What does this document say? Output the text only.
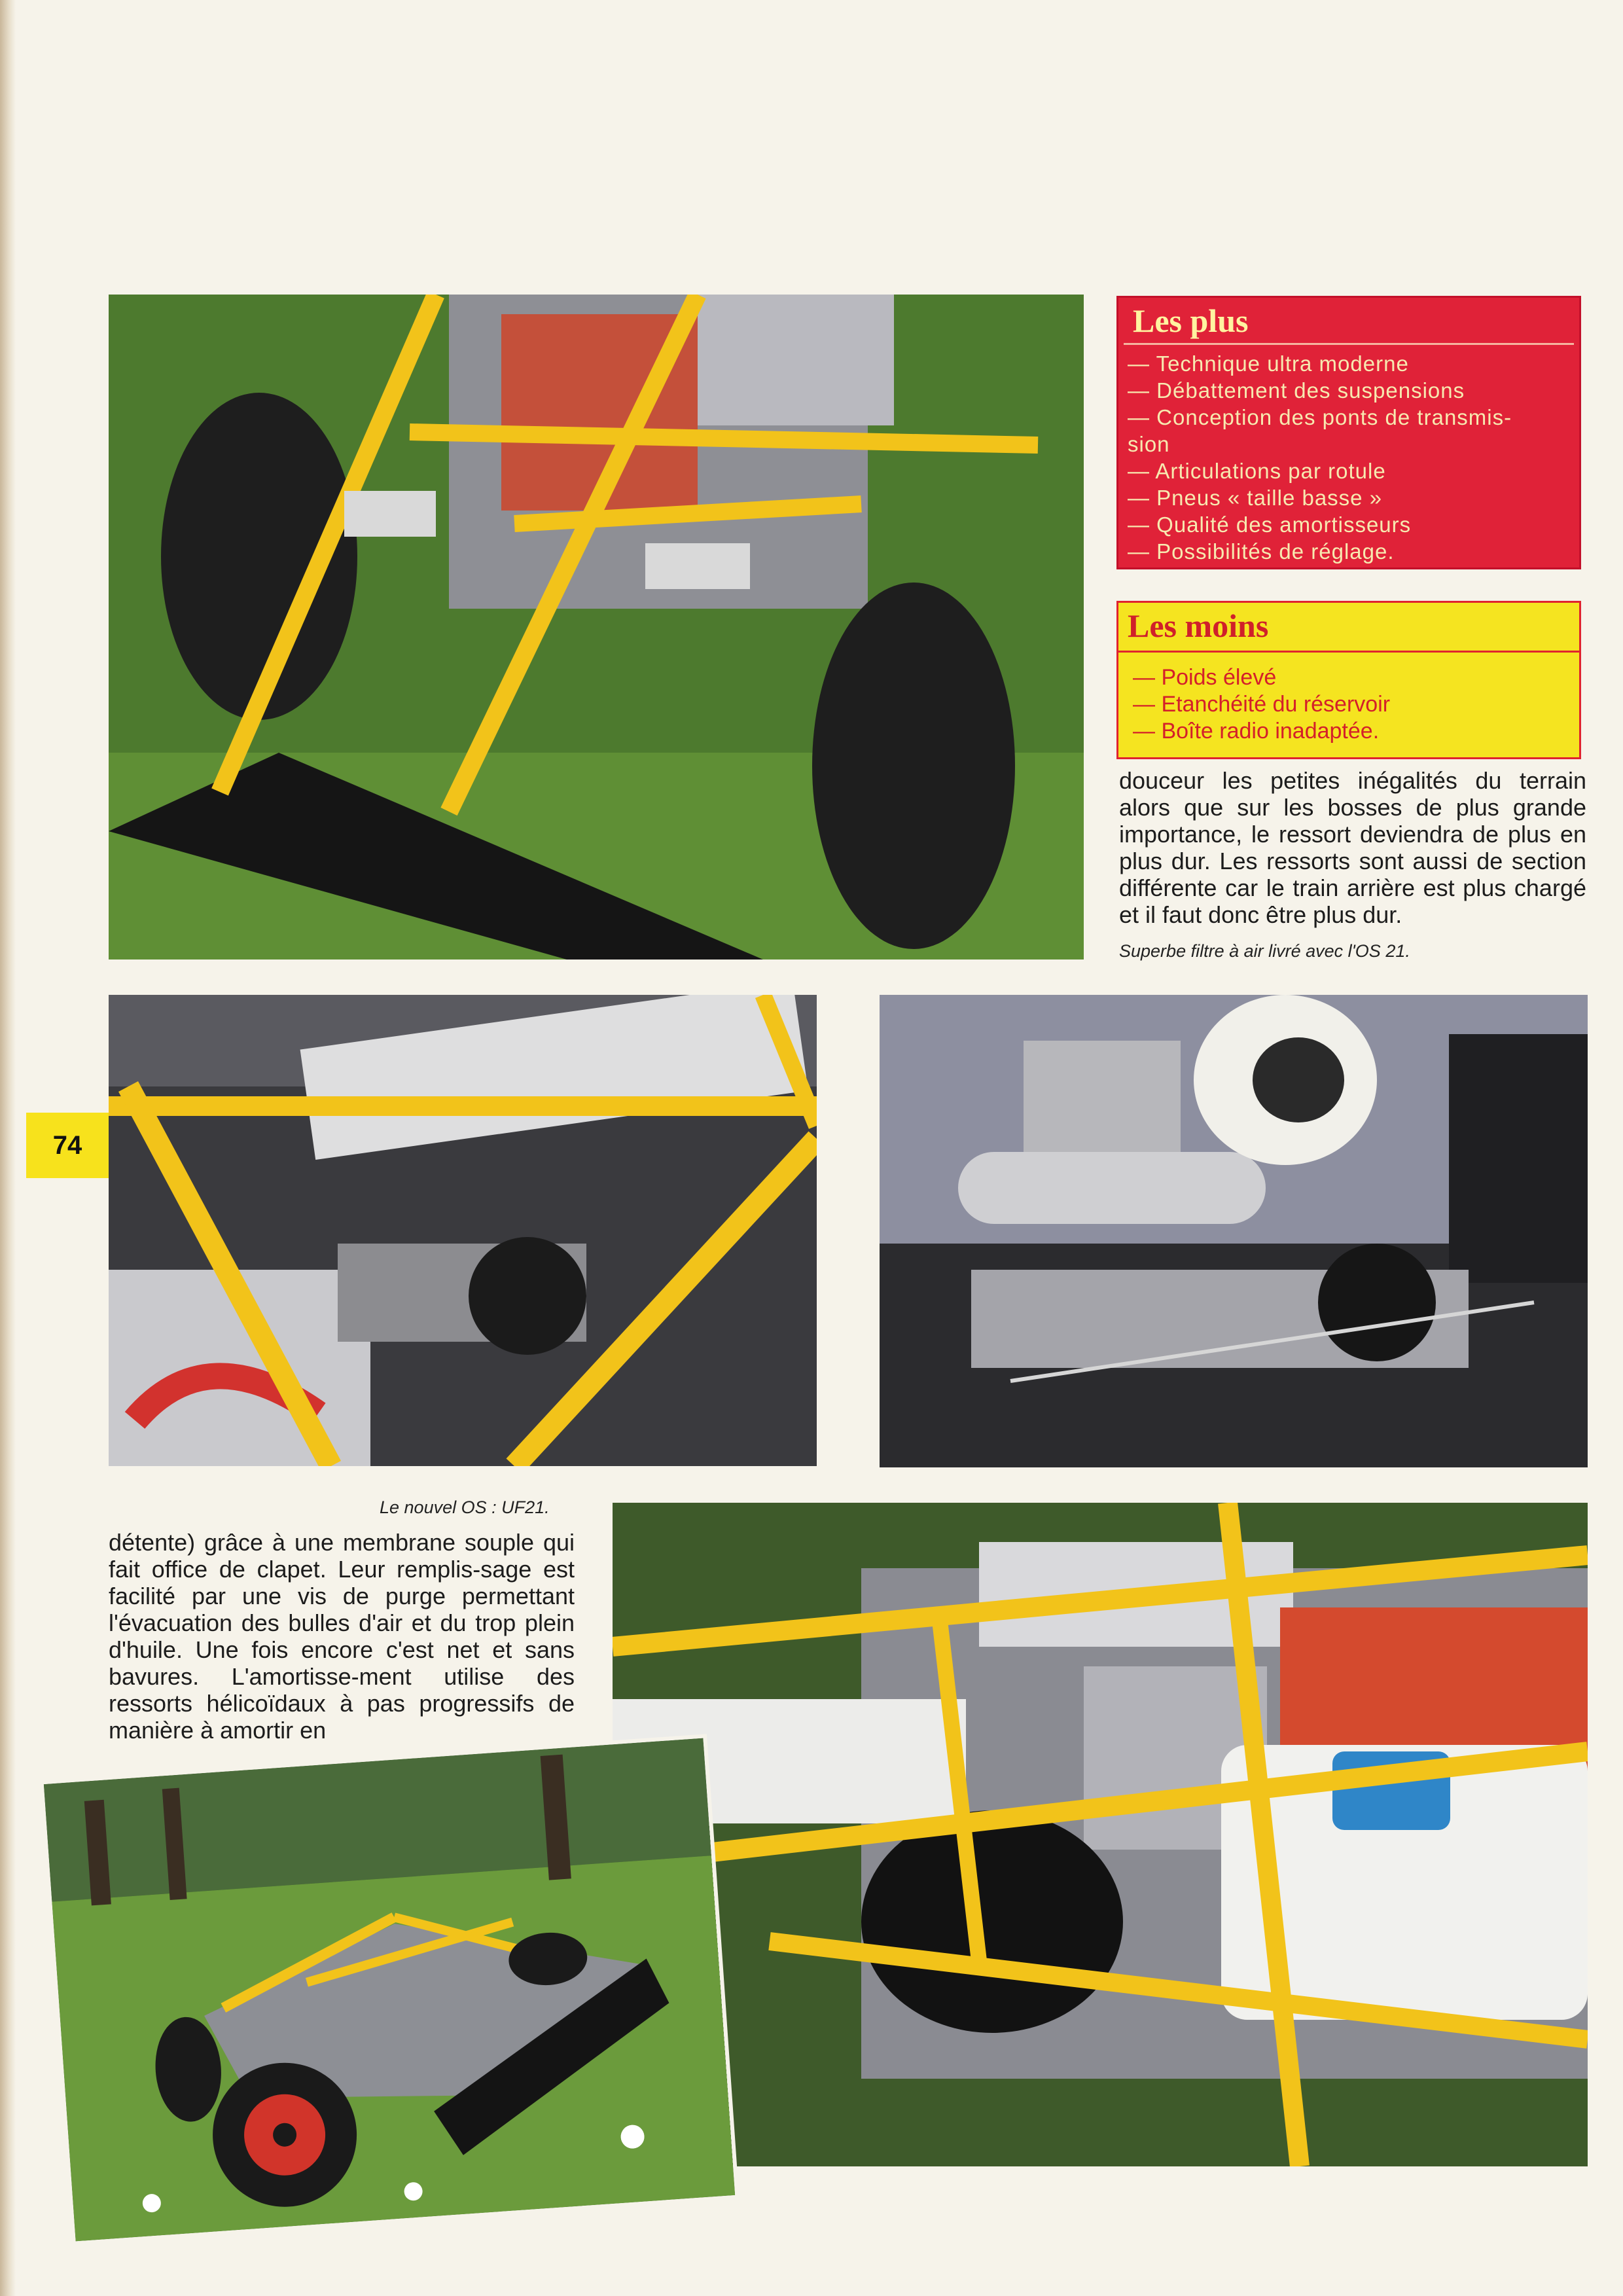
Les plus
— Technique ultra moderne
— Débattement des suspensions
— Conception des ponts de transmis-
sion
— Articulations par rotule
— Pneus « taille basse »
— Qualité des amortisseurs
— Possibilités de réglage.
Les moins
— Poids élevé
— Etanchéité du réservoir
— Boîte radio inadaptée.
douceur les petites inégalités du terrain alors que sur les bosses de plus grande importance, le ressort deviendra de plus en plus dur. Les ressorts sont aussi de section différente car le train arrière est plus chargé et il faut donc être plus dur.
Superbe filtre à air livré avec l'OS 21.
74
Le nouvel OS : UF21.
détente) grâce à une membrane souple qui fait office de clapet. Leur remplis-sage est facilité par une vis de purge permettant l'évacuation des bulles d'air et du trop plein d'huile. Une fois encore c'est net et sans bavures. L'amortisse-ment utilise des ressorts hélicoïdaux à pas progressifs de manière à amortir en
